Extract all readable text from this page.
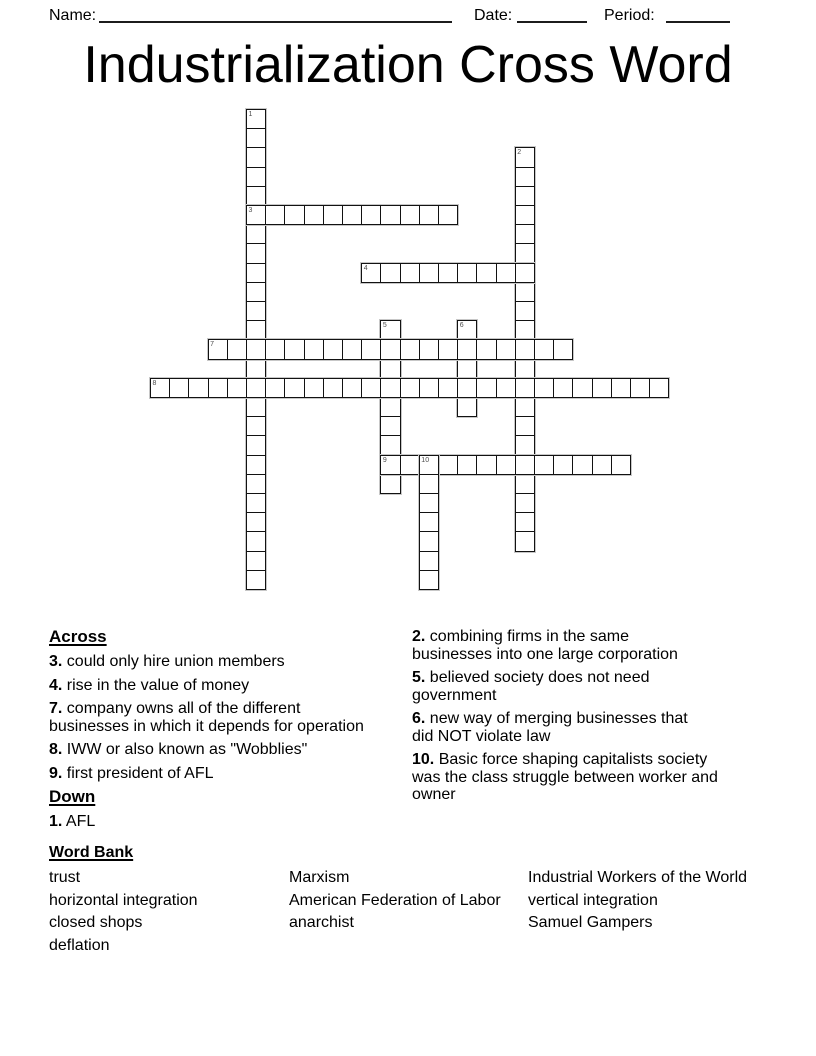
Name:	Date:	Period:
Industrialization Cross Word
1
2
3
4
5	6
7
8
9	10
Across
3. could only hire union members
4. rise in the value of money
7. company owns all of the different
businesses in which it depends for operation
8. IWW or also known as "Wobblies"
9. first president of AFL
Down
1. AFL
2. combining firms in the same
businesses into one large corporation
5. believed society does not need
government
6. new way of merging businesses that
did NOT violate law
10. Basic force shaping capitalists society
was the class struggle between worker and
owner
Word Bank
trust
horizontal integration
closed shops
deflation
Marxism
American Federation of Labor
anarchist
Industrial Workers of the World
vertical integration
Samuel Gampers
